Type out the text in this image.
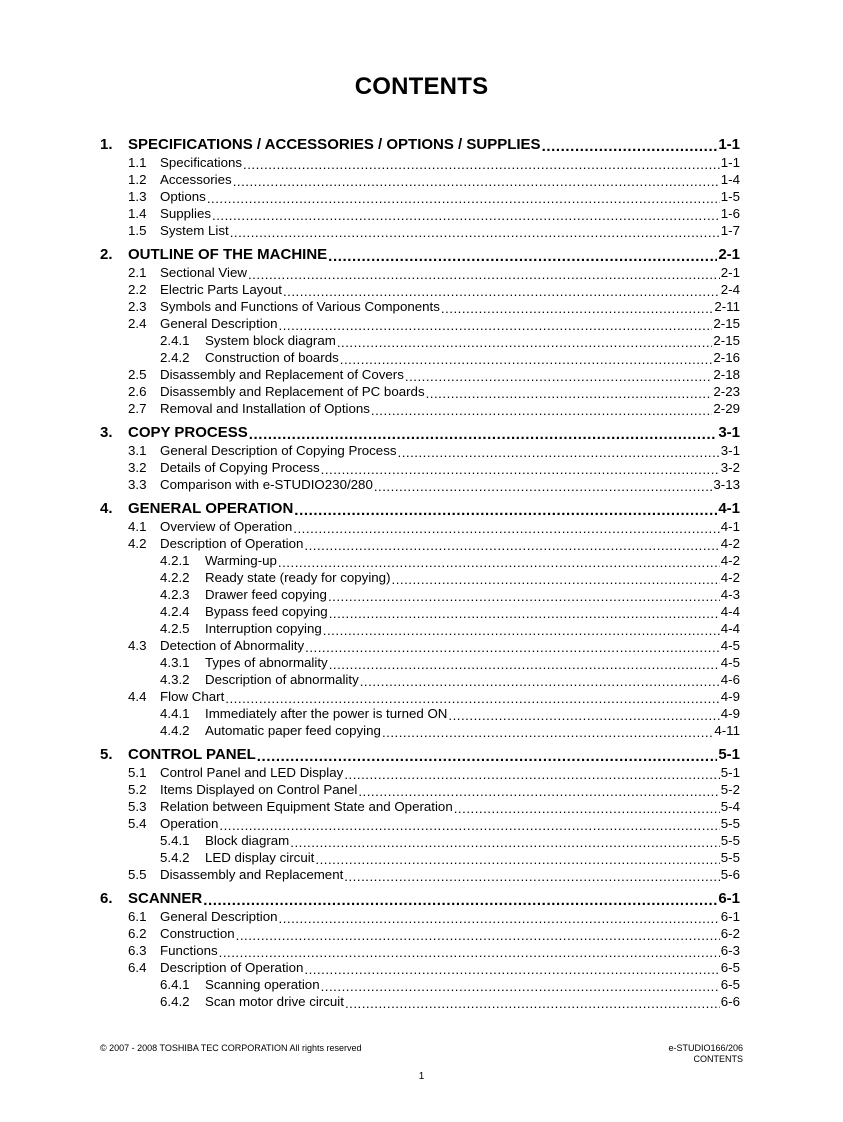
CONTENTS
1.	SPECIFICATIONS / ACCESSORIES / OPTIONS / SUPPLIES .....	1-1
1.1	Specifications .....	1-1
1.2	Accessories .....	1-4
1.3	Options .....	1-5
1.4	Supplies .....	1-6
1.5	System List .....	1-7
2.	OUTLINE OF THE MACHINE .....	2-1
2.1	Sectional View .....	2-1
2.2	Electric Parts Layout .....	2-4
2.3	Symbols and Functions of Various Components .....	2-11
2.4	General Description .....	2-15
2.4.1	System block diagram .....	2-15
2.4.2	Construction of boards .....	2-16
2.5	Disassembly and Replacement of Covers .....	2-18
2.6	Disassembly and Replacement of PC boards .....	2-23
2.7	Removal and Installation of Options .....	2-29
3.	COPY PROCESS .....	3-1
3.1	General Description of Copying Process .....	3-1
3.2	Details of Copying Process .....	3-2
3.3	Comparison with e-STUDIO230/280 .....	3-13
4.	GENERAL OPERATION .....	4-1
4.1	Overview of Operation .....	4-1
4.2	Description of Operation .....	4-2
4.2.1	Warming-up .....	4-2
4.2.2	Ready state (ready for copying) .....	4-2
4.2.3	Drawer feed copying .....	4-3
4.2.4	Bypass feed copying .....	4-4
4.2.5	Interruption copying .....	4-4
4.3	Detection of Abnormality .....	4-5
4.3.1	Types of abnormality .....	4-5
4.3.2	Description of abnormality .....	4-6
4.4	Flow Chart .....	4-9
4.4.1	Immediately after the power is turned ON .....	4-9
4.4.2	Automatic paper feed copying .....	4-11
5.	CONTROL PANEL .....	5-1
5.1	Control Panel and LED Display .....	5-1
5.2	Items Displayed on Control Panel .....	5-2
5.3	Relation between Equipment State and Operation .....	5-4
5.4	Operation .....	5-5
5.4.1	Block diagram .....	5-5
5.4.2	LED display circuit .....	5-5
5.5	Disassembly and Replacement .....	5-6
6.	SCANNER .....	6-1
6.1	General Description .....	6-1
6.2	Construction .....	6-2
6.3	Functions .....	6-3
6.4	Description of Operation .....	6-5
6.4.1	Scanning operation .....	6-5
6.4.2	Scan motor drive circuit .....	6-6
© 2007 - 2008 TOSHIBA TEC CORPORATION All rights reserved	e-STUDIO166/206
CONTENTS
1
